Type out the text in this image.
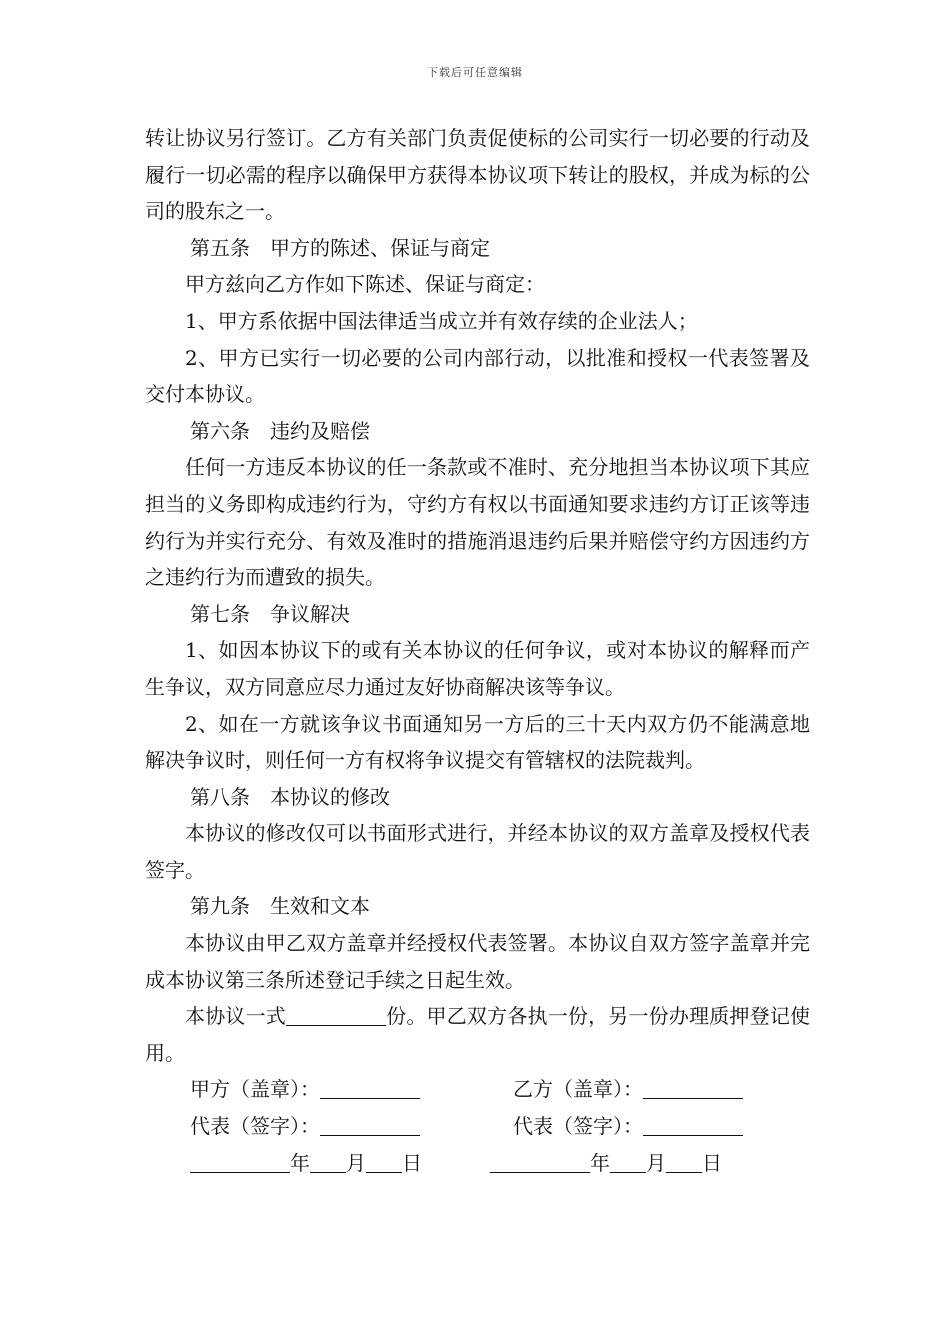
下载后可任意编辑

转让协议另行签订。乙方有关部门负责促使标的公司实行一切必要的行动及履行一切必需的程序以确保甲方获得本协议项下转让的股权，并成为标的公司的股东之一。

第五条　甲方的陈述、保证与商定

甲方兹向乙方作如下陈述、保证与商定：

1、甲方系依据中国法律适当成立并有效存续的企业法人；

2、甲方已实行一切必要的公司内部行动，以批准和授权一代表签署及交付本协议。

第六条　违约及赔偿

任何一方违反本协议的任一条款或不准时、充分地担当本协议项下其应担当的义务即构成违约行为，守约方有权以书面通知要求违约方订正该等违约行为并实行充分、有效及准时的措施消退违约后果并赔偿守约方因违约方之违约行为而遭致的损失。

第七条　争议解决

1、如因本协议下的或有关本协议的任何争议，或对本协议的解释而产生争议，双方同意应尽力通过友好协商解决该等争议。

2、如在一方就该争议书面通知另一方后的三十天内双方仍不能满意地解决争议时，则任何一方有权将争议提交有管辖权的法院裁判。

第八条　本协议的修改

本协议的修改仅可以书面形式进行，并经本协议的双方盖章及授权代表签字。

第九条　生效和文本

本协议由甲乙双方盖章并经授权代表签署。本协议自双方签字盖章并完成本协议第三条所述登记手续之日起生效。

本协议一式	份。甲乙双方各执一份，另一份办理质押登记使用。

甲方（盖章）：	乙方（盖章）：
代表（签字）：	代表（签字）：
年 月 日	年 月 日
